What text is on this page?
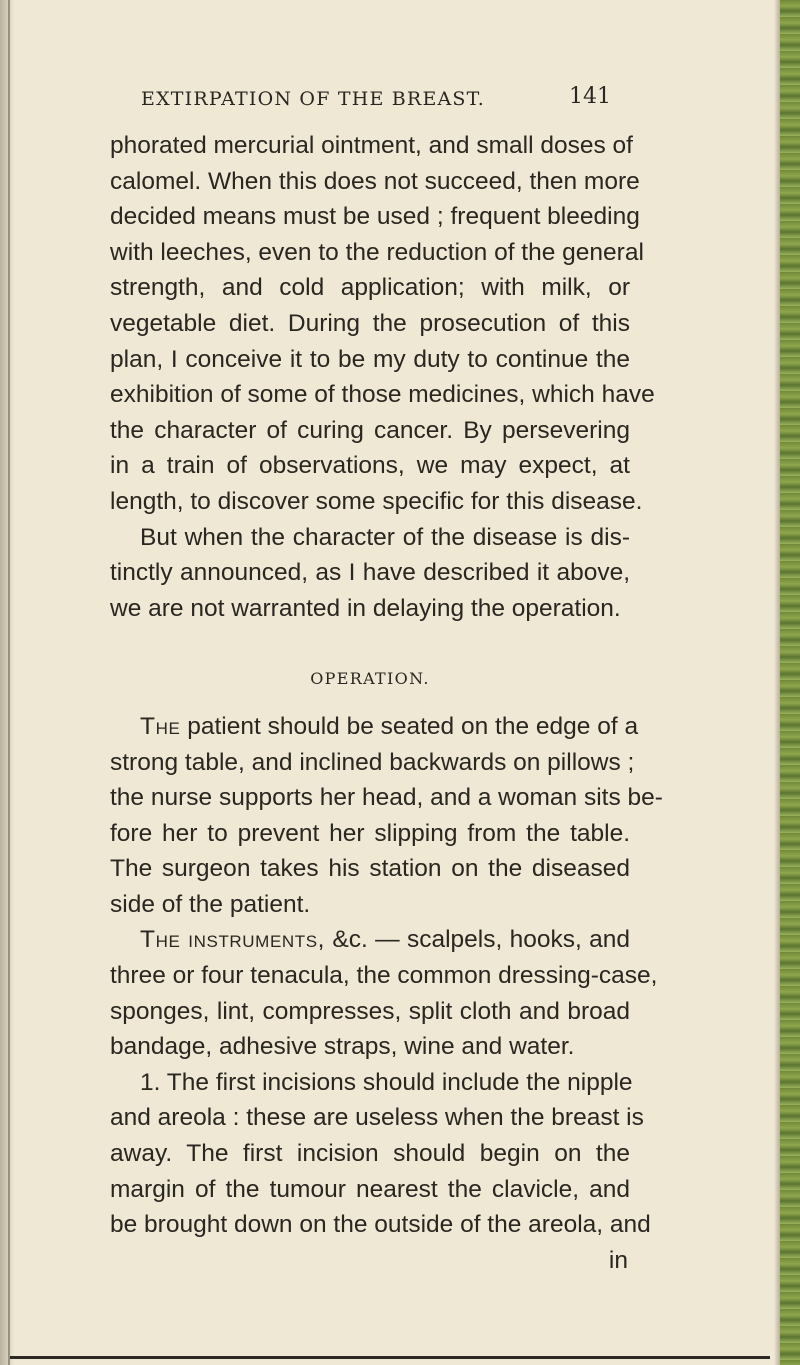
EXTIRPATION OF THE BREAST.	141
phorated mercurial ointment, and small doses of
calomel. When this does not succeed, then more
decided means must be used ; frequent bleeding
with leeches, even to the reduction of the general
strength, and cold application; with milk, or
vegetable diet. During the prosecution of this
plan, I conceive it to be my duty to continue the
exhibition of some of those medicines, which have
the character of curing cancer. By persevering
in a train of observations, we may expect, at
length, to discover some specific for this disease.
But when the character of the disease is dis-
tinctly announced, as I have described it above,
we are not warranted in delaying the operation.
OPERATION.
The patient should be seated on the edge of a
strong table, and inclined backwards on pillows ;
the nurse supports her head, and a woman sits be-
fore her to prevent her slipping from the table.
The surgeon takes his station on the diseased
side of the patient.
The instruments, &c. — scalpels, hooks, and
three or four tenacula, the common dressing-case,
sponges, lint, compresses, split cloth and broad
bandage, adhesive straps, wine and water.
1. The first incisions should include the nipple
and areola : these are useless when the breast is
away. The first incision should begin on the
margin of the tumour nearest the clavicle, and
be brought down on the outside of the areola, and
in
